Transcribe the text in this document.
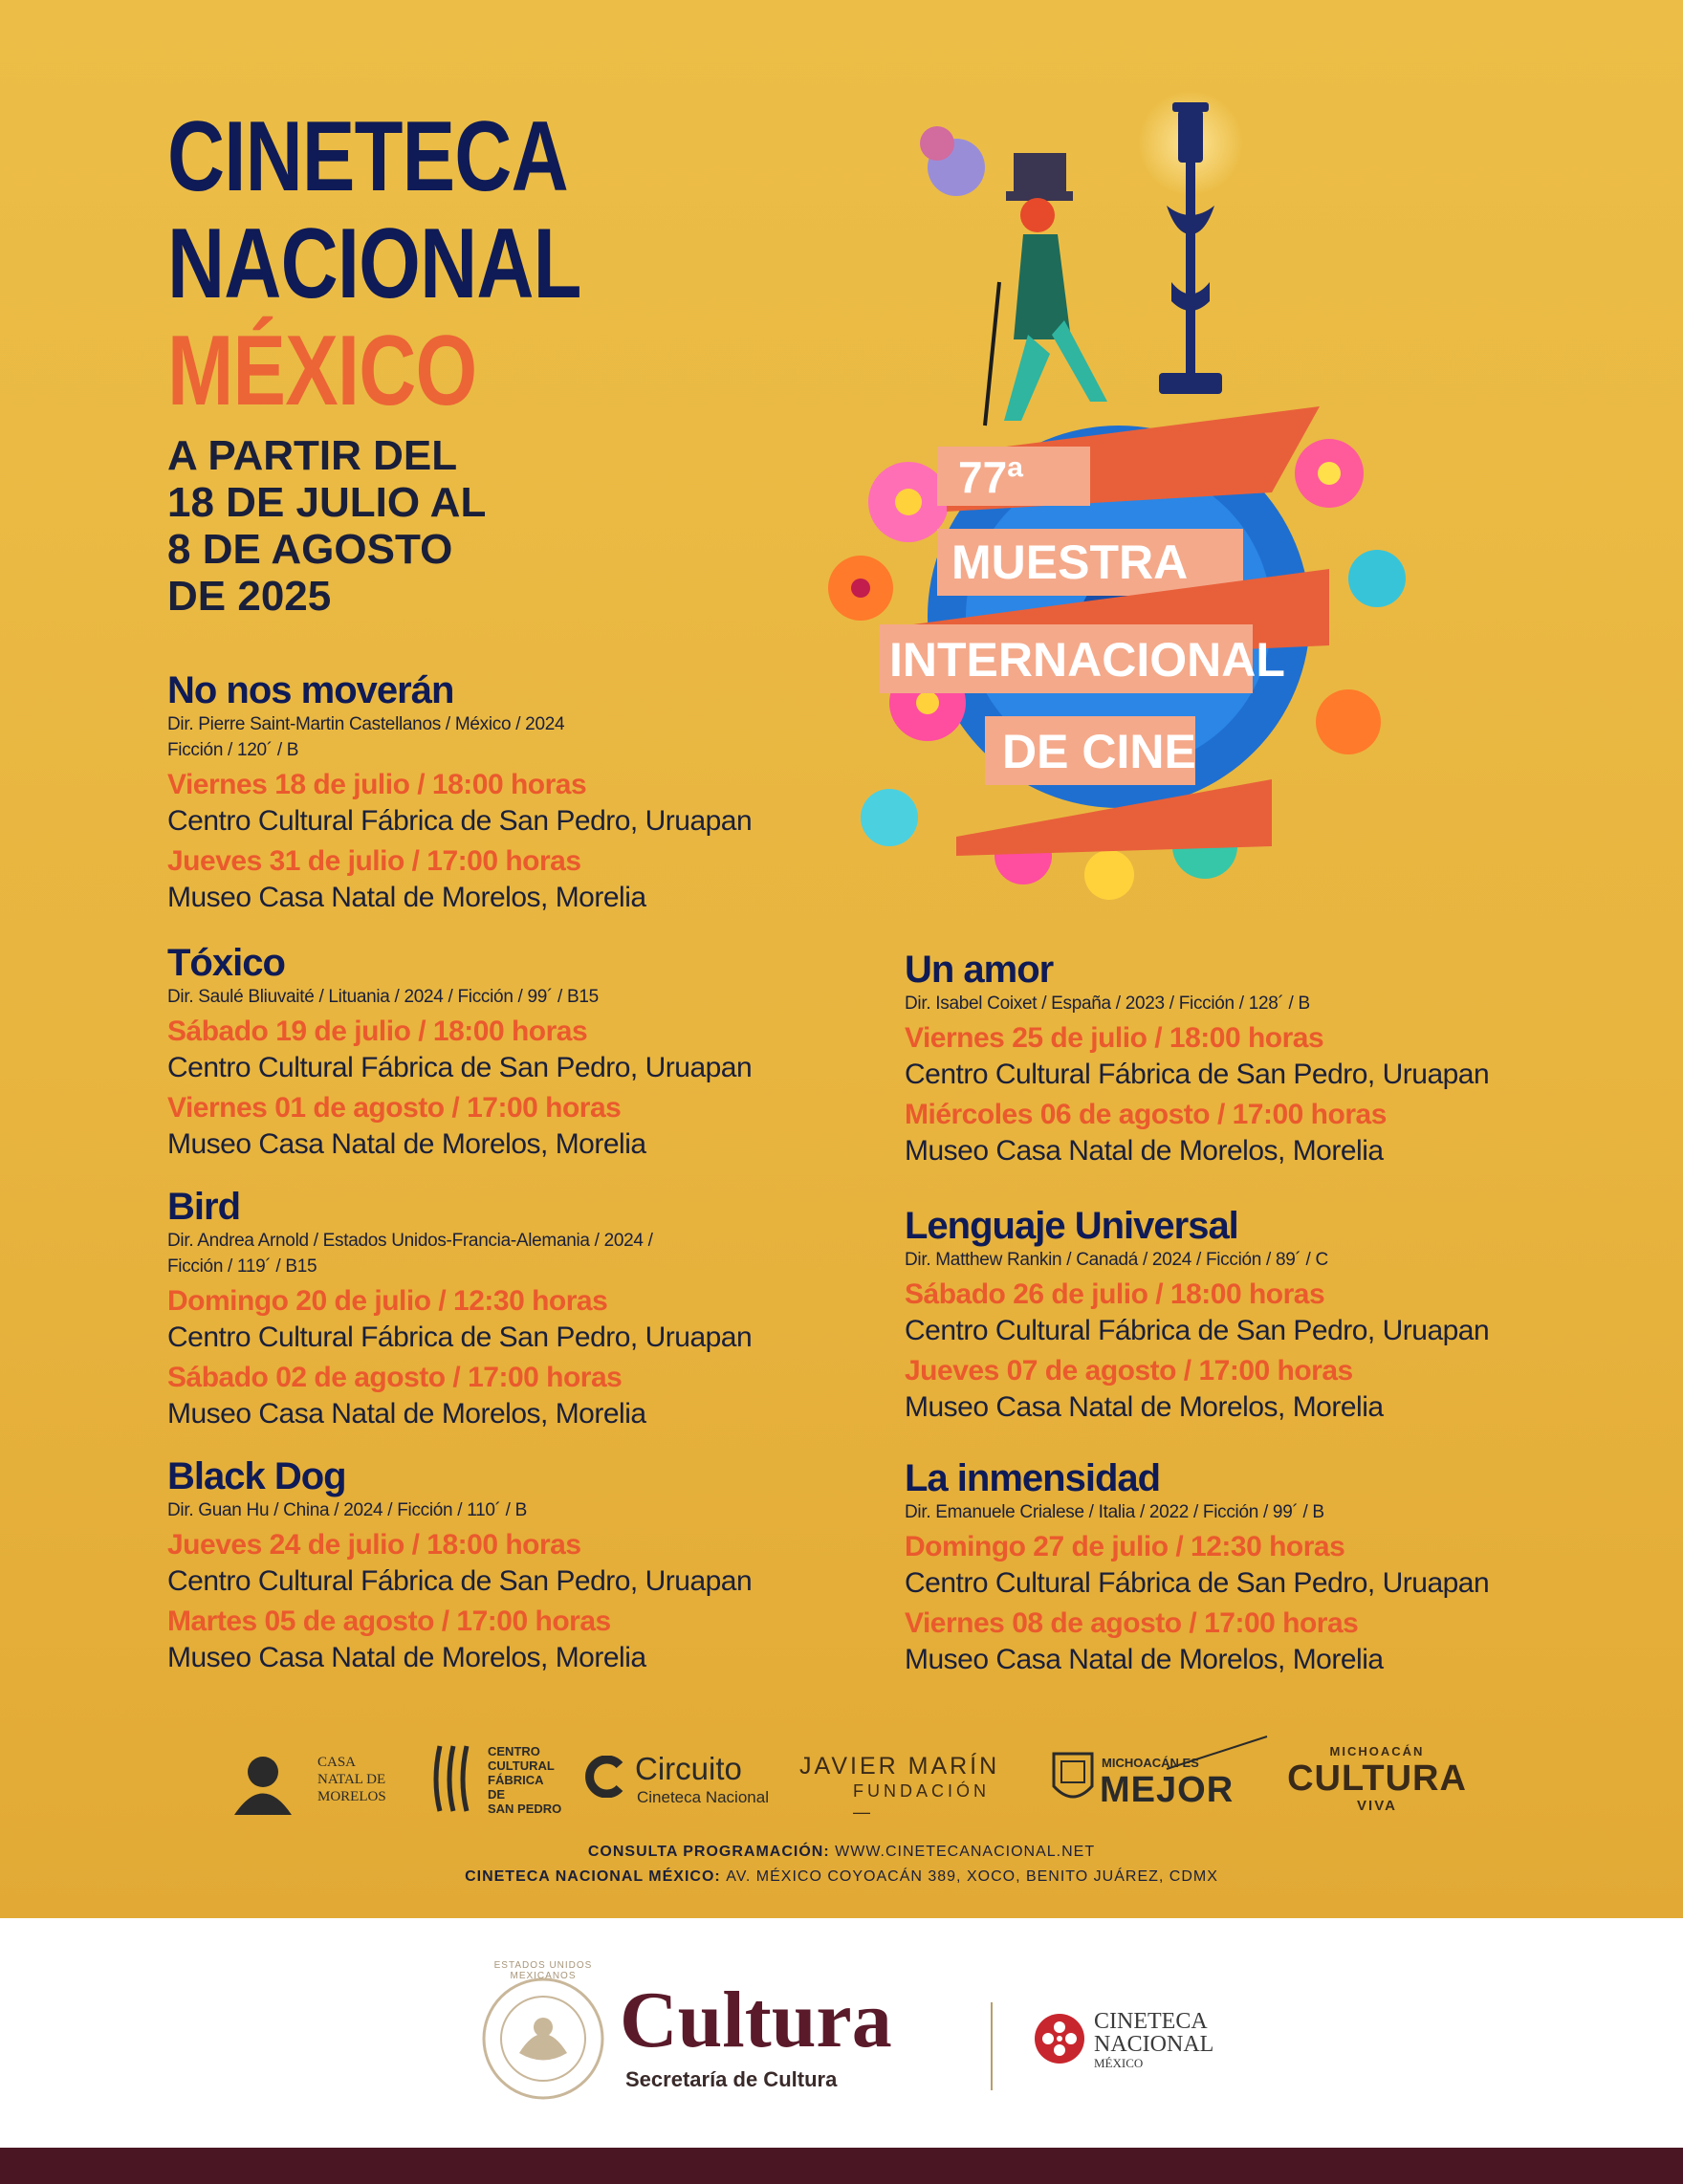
CINETECA
NACIONAL
MÉXICO
A PARTIR DEL
18 DE JULIO AL
8 DE AGOSTO
DE 2025
77ª
MUESTRA
INTERNACIONAL
DE CINE
No nos moverán
Dir. Pierre Saint-Martin Castellanos / México / 2024
Ficción / 120´ / B
Viernes 18 de julio / 18:00 horas
Centro Cultural Fábrica de San Pedro, Uruapan
Jueves 31 de julio / 17:00 horas
Museo Casa Natal de Morelos, Morelia
Tóxico
Dir. Saulé Bliuvaité / Lituania / 2024 / Ficción / 99´ / B15
Sábado 19 de julio / 18:00 horas
Centro Cultural Fábrica de San Pedro, Uruapan
Viernes 01 de agosto / 17:00 horas
Museo Casa Natal de Morelos, Morelia
Bird
Dir. Andrea Arnold / Estados Unidos-Francia-Alemania / 2024 /
Ficción / 119´ / B15
Domingo 20 de julio / 12:30 horas
Centro Cultural Fábrica de San Pedro, Uruapan
Sábado 02 de agosto / 17:00 horas
Museo Casa Natal de Morelos, Morelia
Black Dog
Dir. Guan Hu / China / 2024 / Ficción / 110´ / B
Jueves 24 de julio / 18:00 horas
Centro Cultural Fábrica de San Pedro, Uruapan
Martes 05 de agosto / 17:00 horas
Museo Casa Natal de Morelos, Morelia
Un amor
Dir. Isabel Coixet / España / 2023 / Ficción / 128´ / B
Viernes 25 de julio / 18:00 horas
Centro Cultural Fábrica de San Pedro, Uruapan
Miércoles 06 de agosto / 17:00 horas
Museo Casa Natal de Morelos, Morelia
Lenguaje Universal
Dir. Matthew Rankin / Canadá / 2024 / Ficción / 89´ / C
Sábado 26 de julio / 18:00 horas
Centro Cultural Fábrica de San Pedro, Uruapan
Jueves 07 de agosto / 17:00 horas
Museo Casa Natal de Morelos, Morelia
La inmensidad
Dir. Emanuele Crialese / Italia / 2022 / Ficción / 99´ / B
Domingo 27 de julio / 12:30 horas
Centro Cultural Fábrica de San Pedro, Uruapan
Viernes 08 de agosto / 17:00 horas
Museo Casa Natal de Morelos, Morelia
CASA
NATAL DE
MORELOS
CENTRO
CULTURAL
FÁBRICA
DE
SAN PEDRO
Circuito
Cineteca Nacional
JAVIER MARÍN
FUNDACIÓN—
MICHOACÁN ES
MEJOR
MICHOACÁN
CULTURA
VIVA
CONSULTA PROGRAMACIÓN: WWW.CINETECANACIONAL.NET
CINETECA NACIONAL MÉXICO: AV. MÉXICO COYOACÁN 389, XOCO, BENITO JUÁREZ, CDMX
ESTADOS UNIDOS MEXICANOS Cultura
Secretaría de Cultura
CINETECA
NACIONAL
MÉXICO
